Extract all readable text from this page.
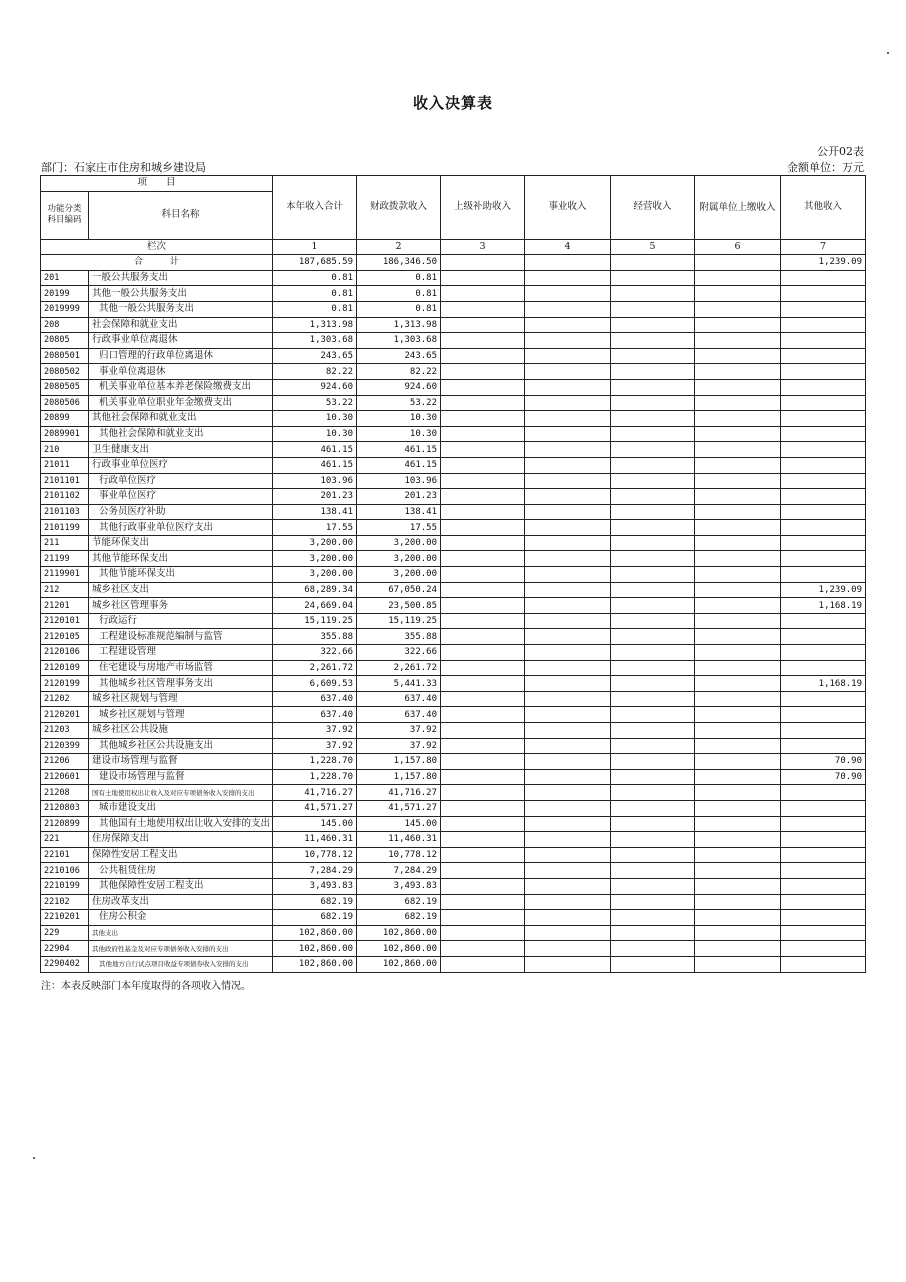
收入决算表
公开02表
部门：石家庄市住房和城乡建设局	金额单位：万元
项　　目		本年收入合计	财政拨款收入	上级补助收入	事业收入	经营收入	附属单位上缴收入	其他收入
功能分类科目编码	科目名称							
栏次		1	2	3	4	5	6	7
合　　　计		187,685.59	186,346.50					1,239.09
201	一般公共服务支出	0.81	0.81					
20199	其他一般公共服务支出	0.81	0.81					
2019999	其他一般公共服务支出	0.81	0.81					
208	社会保障和就业支出	1,313.98	1,313.98					
20805	行政事业单位离退休	1,303.68	1,303.68					
2080501	归口管理的行政单位离退休	243.65	243.65					
2080502	事业单位离退休	82.22	82.22					
2080505	机关事业单位基本养老保险缴费支出	924.60	924.60					
2080506	机关事业单位职业年金缴费支出	53.22	53.22					
20899	其他社会保障和就业支出	10.30	10.30					
2089901	其他社会保障和就业支出	10.30	10.30					
210	卫生健康支出	461.15	461.15					
21011	行政事业单位医疗	461.15	461.15					
2101101	行政单位医疗	103.96	103.96					
2101102	事业单位医疗	201.23	201.23					
2101103	公务员医疗补助	138.41	138.41					
2101199	其他行政事业单位医疗支出	17.55	17.55					
211	节能环保支出	3,200.00	3,200.00					
21199	其他节能环保支出	3,200.00	3,200.00					
2119901	其他节能环保支出	3,200.00	3,200.00					
212	城乡社区支出	68,289.34	67,050.24					1,239.09
21201	城乡社区管理事务	24,669.04	23,500.85					1,168.19
2120101	行政运行	15,119.25	15,119.25					
2120105	工程建设标准规范编制与监管	355.88	355.88					
2120106	工程建设管理	322.66	322.66					
2120109	住宅建设与房地产市场监管	2,261.72	2,261.72					
2120199	其他城乡社区管理事务支出	6,609.53	5,441.33					1,168.19
21202	城乡社区规划与管理	637.40	637.40					
2120201	城乡社区规划与管理	637.40	637.40					
21203	城乡社区公共设施	37.92	37.92					
2120399	其他城乡社区公共设施支出	37.92	37.92					
21206	建设市场管理与监督	1,228.70	1,157.80					70.90
2120601	建设市场管理与监督	1,228.70	1,157.80					70.90
21208	国有土地使用权出让收入及对应专项债务收入安排的支出	41,716.27	41,716.27					
2120803	城市建设支出	41,571.27	41,571.27					
2120899	其他国有土地使用权出让收入安排的支出	145.00	145.00					
221	住房保障支出	11,460.31	11,460.31					
22101	保障性安居工程支出	10,778.12	10,778.12					
2210106	公共租赁住房	7,284.29	7,284.29					
2210199	其他保障性安居工程支出	3,493.83	3,493.83					
22102	住房改革支出	682.19	682.19					
2210201	住房公积金	682.19	682.19					
229	其他支出	102,860.00	102,860.00					
22904	其他政府性基金及对应专项债务收入安排的支出	102,860.00	102,860.00					
2290402	其他地方自行试点项目收益专项债券收入安排的支出	102,860.00	102,860.00					
注：本表反映部门本年度取得的各项收入情况。
